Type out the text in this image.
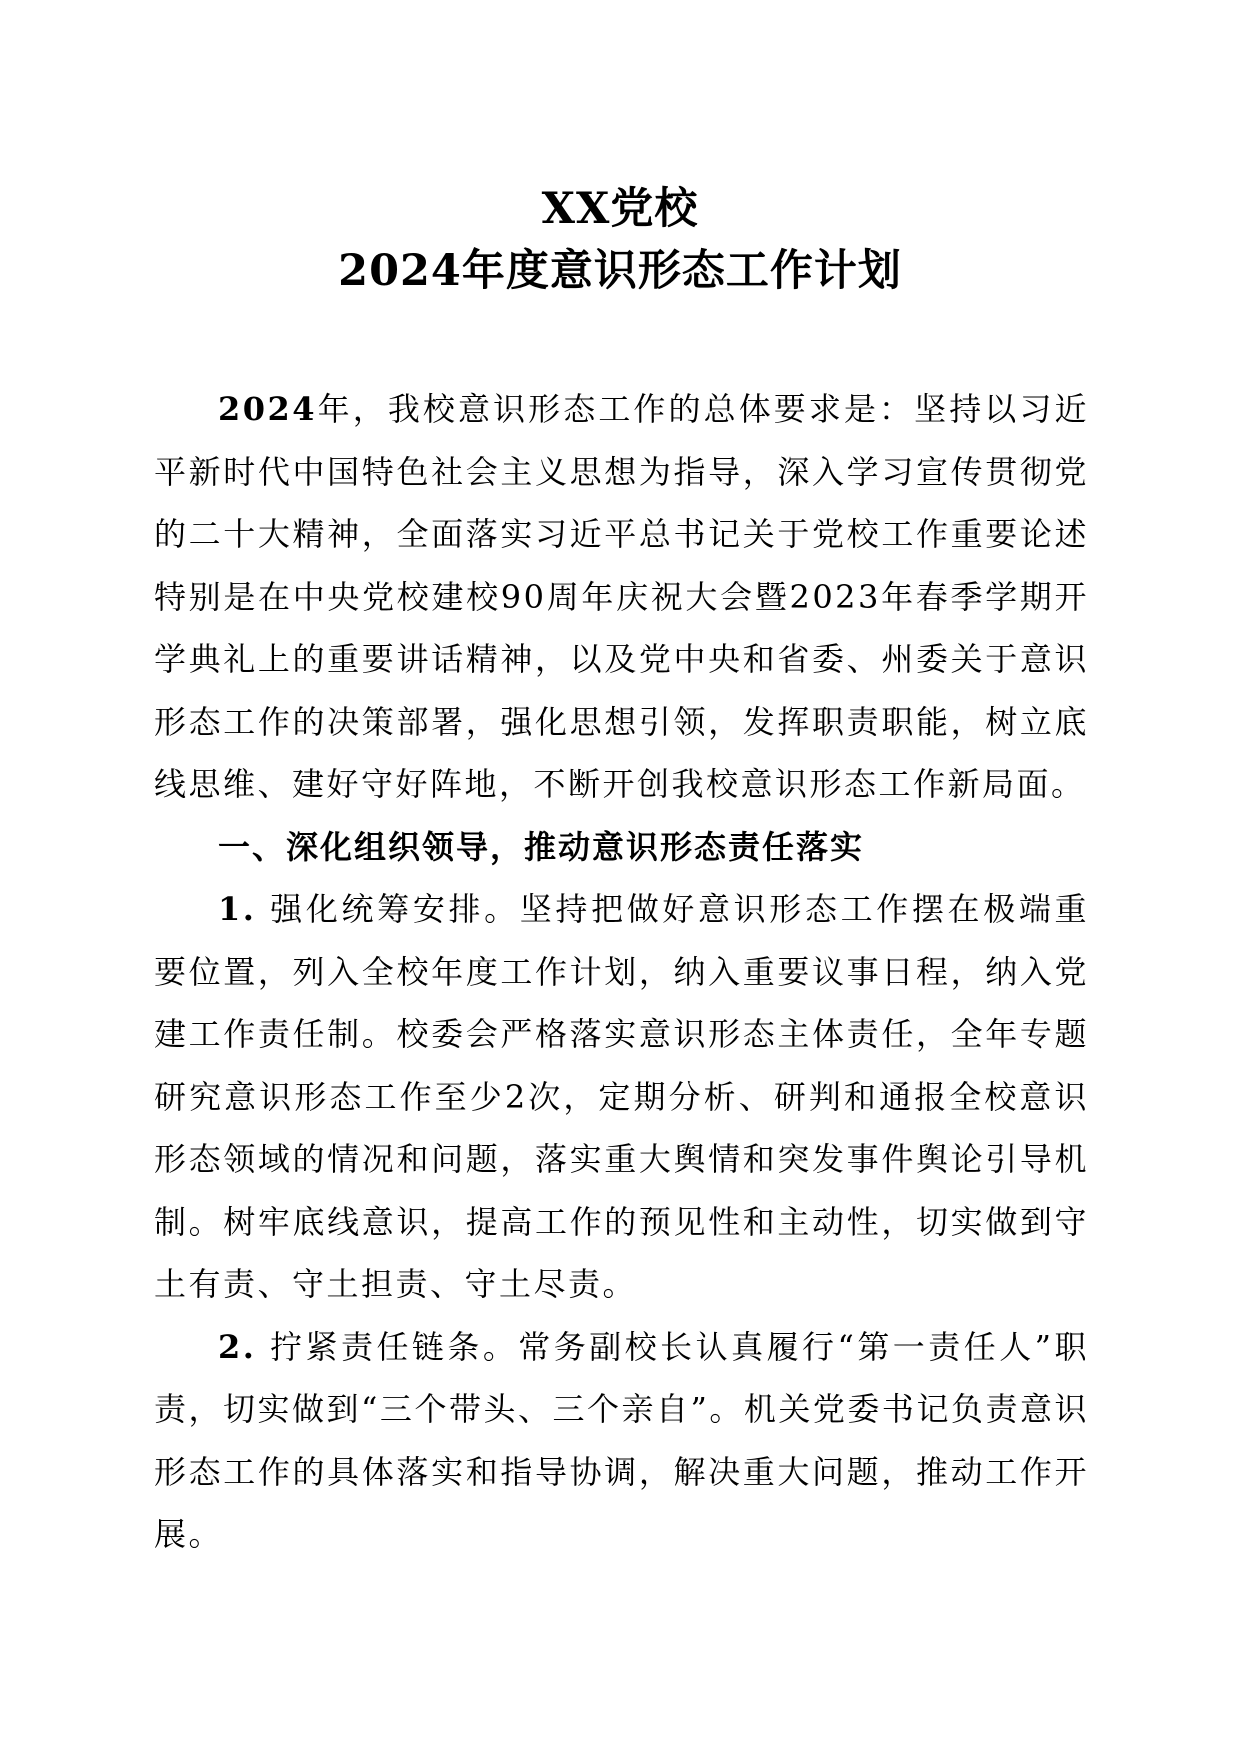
XX党校
2024年度意识形态工作计划

2024年，我校意识形态工作的总体要求是：坚持以习近平新时代中国特色社会主义思想为指导，深入学习宣传贯彻党的二十大精神，全面落实习近平总书记关于党校工作重要论述特别是在中央党校建校90周年庆祝大会暨2023年春季学期开学典礼上的重要讲话精神，以及党中央和省委、州委关于意识形态工作的决策部署，强化思想引领，发挥职责职能，树立底线思维、建好守好阵地，不断开创我校意识形态工作新局面。

一、深化组织领导，推动意识形态责任落实

1. 强化统筹安排。坚持把做好意识形态工作摆在极端重要位置，列入全校年度工作计划，纳入重要议事日程，纳入党建工作责任制。校委会严格落实意识形态主体责任，全年专题研究意识形态工作至少2次，定期分析、研判和通报全校意识形态领域的情况和问题，落实重大舆情和突发事件舆论引导机制。树牢底线意识，提高工作的预见性和主动性，切实做到守土有责、守土担责、守土尽责。

2. 拧紧责任链条。常务副校长认真履行“第一责任人”职责，切实做到“三个带头、三个亲自”。机关党委书记负责意识形态工作的具体落实和指导协调，解决重大问题，推动工作开展。
